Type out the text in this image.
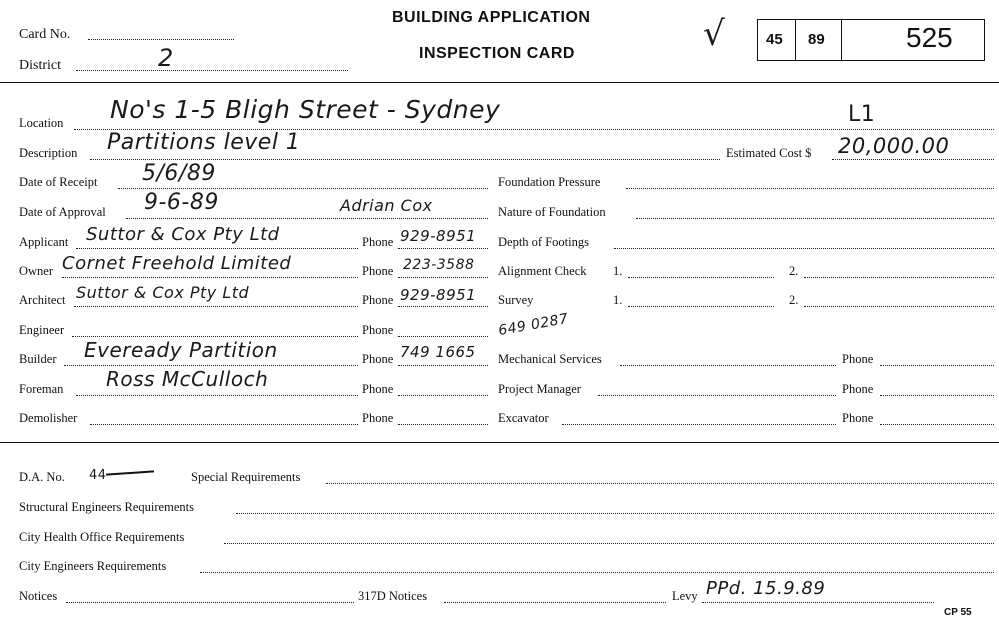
Card No.
District	2
BUILDING APPLICATION
INSPECTION CARD	√	45 89	525
Location No's 1-5 Bligh Street - Sydney	L1
Description Partitions level 1	Estimated Cost $ 20,000.00
Date of Receipt 5/6/89
Date of Approval 9-6-89	Adrian Cox
Applicant Suttor & Cox Pty Ltd	Phone 929-8951
Owner Cornet Freehold Limited	Phone 223-3588
Architect Suttor & Cox Pty Ltd	Phone 929-8951
Engineer	Phone	649 0287
Builder Eveready Partition	Phone 749 1665
Foreman Ross McCulloch	Phone
Demolisher	Phone
Foundation Pressure
Nature of Foundation
Depth of Footings
Alignment Check 1.	2.
Survey	1.	2.
Mechanical Services	Phone
Project Manager	Phone
Excavator	Phone
D.A. No. 44	Special Requirements
Structural Engineers Requirements
City Health Office Requirements
City Engineers Requirements
Notices	317D Notices	Levy PPd. 15.9.89
CP 55
